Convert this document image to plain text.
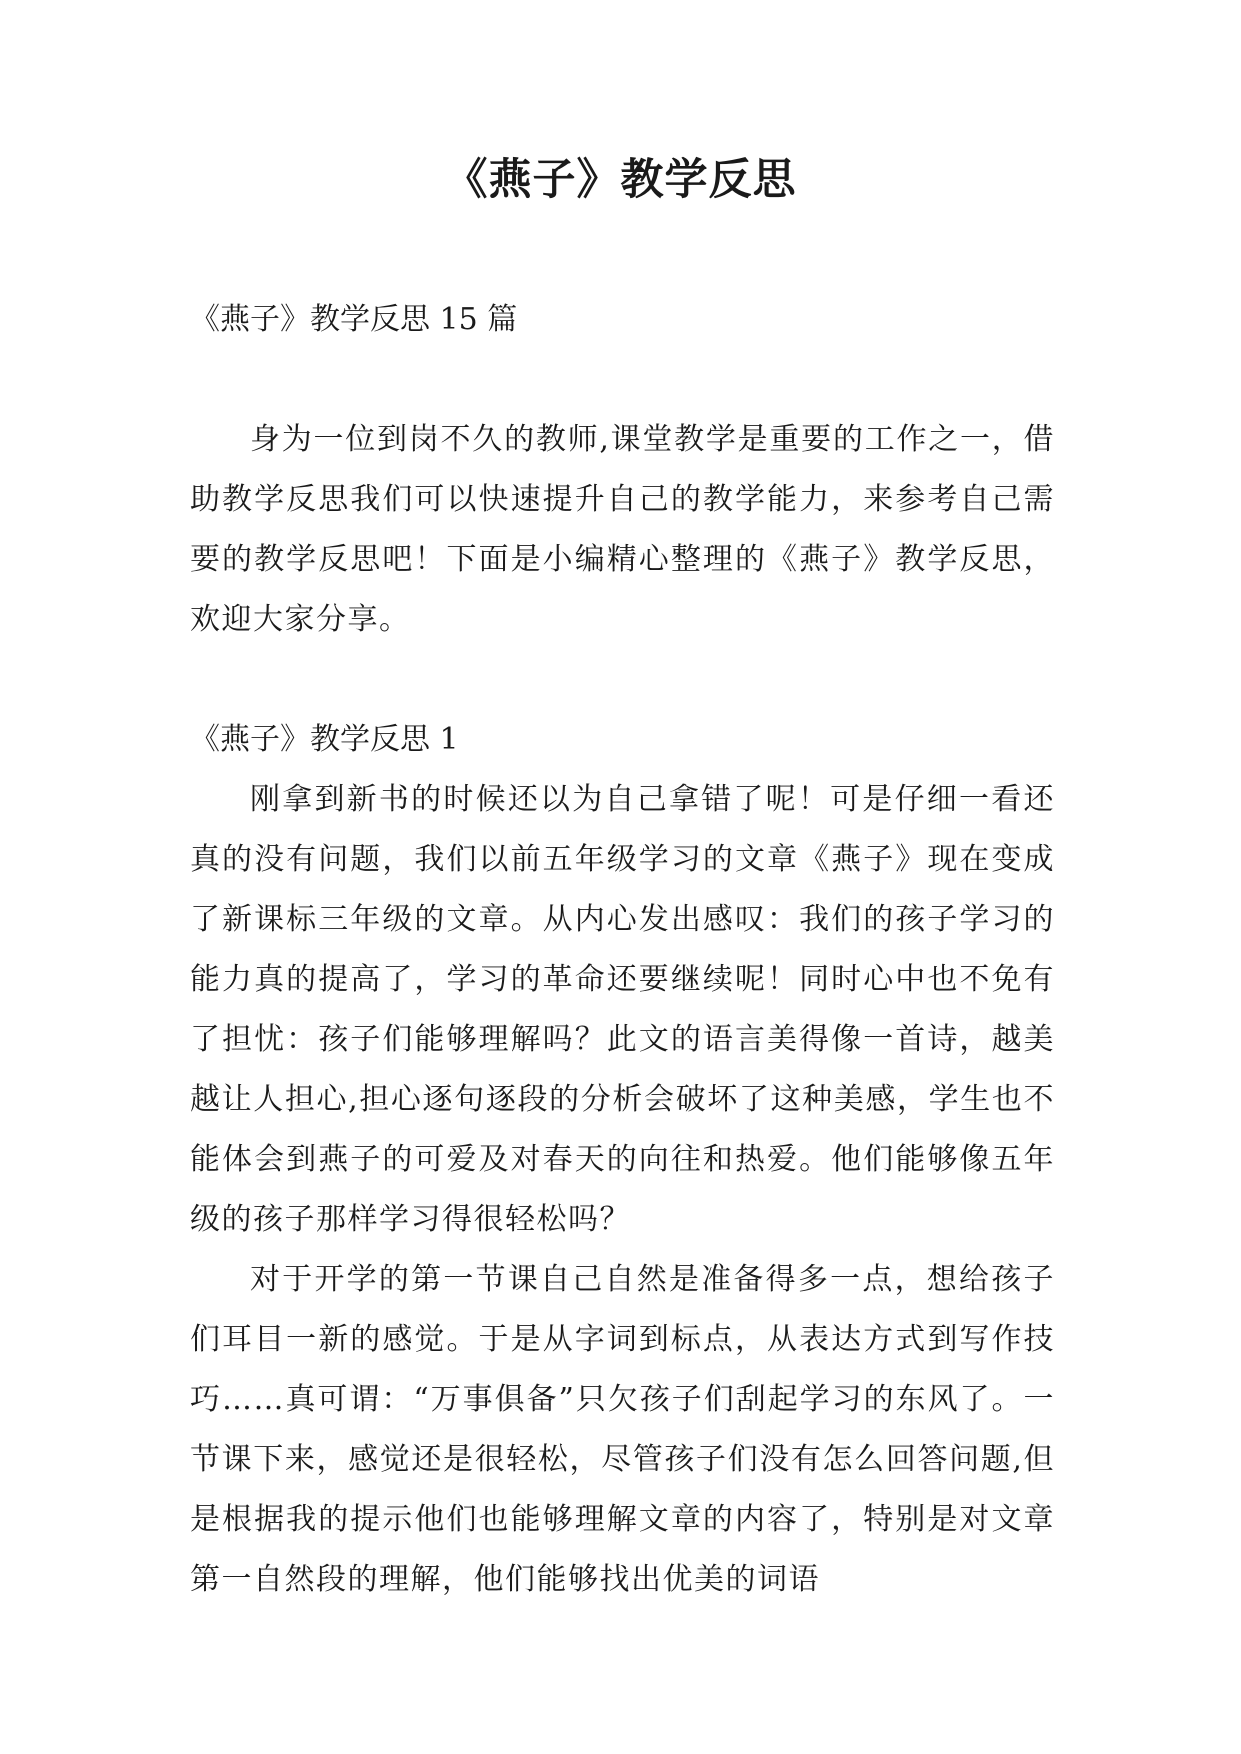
《燕子》教学反思

《燕子》教学反思 15 篇

身为一位到岗不久的教师,课堂教学是重要的工作之一，借助教学反思我们可以快速提升自己的教学能力，来参考自己需要的教学反思吧！下面是小编精心整理的《燕子》教学反思，欢迎大家分享。

《燕子》教学反思 1

刚拿到新书的时候还以为自己拿错了呢！可是仔细一看还真的没有问题，我们以前五年级学习的文章《燕子》现在变成了新课标三年级的文章。从内心发出感叹：我们的孩子学习的能力真的提高了，学习的革命还要继续呢！同时心中也不免有了担忧：孩子们能够理解吗？此文的语言美得像一首诗，越美越让人担心,担心逐句逐段的分析会破坏了这种美感，学生也不能体会到燕子的可爱及对春天的向往和热爱。他们能够像五年级的孩子那样学习得很轻松吗？

对于开学的第一节课自己自然是准备得多一点，想给孩子们耳目一新的感觉。于是从字词到标点，从表达方式到写作技巧……真可谓：“万事俱备”只欠孩子们刮起学习的东风了。一节课下来，感觉还是很轻松，尽管孩子们没有怎么回答问题,但是根据我的提示他们也能够理解文章的内容了，特别是对文章第一自然段的理解，他们能够找出优美的词语
